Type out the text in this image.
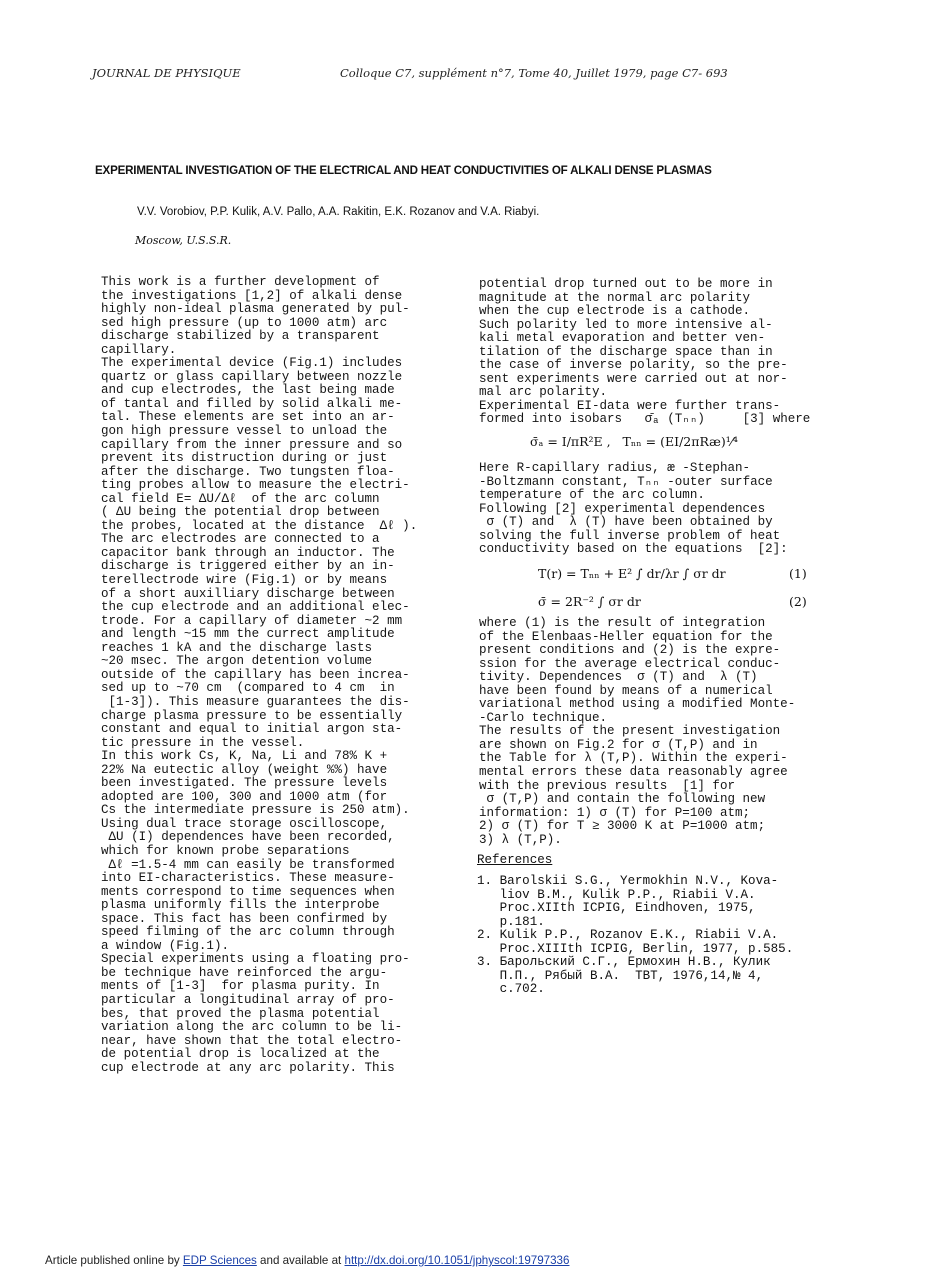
JOURNAL DE PHYSIQUE	Colloque C7, supplément n°7, Tome 40, Juillet 1979, page C7- 693
EXPERIMENTAL INVESTIGATION OF THE ELECTRICAL AND HEAT CONDUCTIVITIES OF ALKALI DENSE PLASMAS
V.V. Vorobiov, P.P. Kulik, A.V. Pallo, A.A. Rakitin, E.K. Rozanov and V.A. Riabyi.
Moscow, U.S.S.R.
This work is a further development of
the investigations [1,2] of alkali dense
highly non-ideal plasma generated by pul-
sed high pressure (up to 1000 atm) arc
discharge stabilized by a transparent
capillary.
The experimental device (Fig.1) includes
quartz or glass capillary between nozzle
and cup electrodes, the last being made
of tantal and filled by solid alkali me-
tal. These elements are set into an ar-
gon high pressure vessel to unload the
capillary from the inner pressure and so
prevent its distruction during or just
after the discharge. Two tungsten floa-
ting probes allow to measure the electri-
cal field E= ΔU/Δℓ  of the arc column
( ΔU being the potential drop between
the probes, located at the distance  Δℓ ).
The arc electrodes are connected to a
capacitor bank through an inductor. The
discharge is triggered either by an in-
terellectrode wire (Fig.1) or by means
of a short auxilliary discharge between
the cup electrode and an additional elec-
trode. For a capillary of diameter ~2 mm
and length ~15 mm the currect amplitude
reaches 1 kA and the discharge lasts
~20 msec. The argon detention volume
outside of the capillary has been increa-
sed up to ~70 cm  (compared to 4 cm  in
[1-3]). This measure guarantees the dis-
charge plasma pressure to be essentially
constant and equal to initial argon sta-
tic pressure in the vessel.
In this work Cs, K, Na, Li and 78% K +
22% Na eutectic alloy (weight %%) have
been investigated. The pressure levels
adopted are 100, 300 and 1000 atm (for
Cs the intermediate pressure is 250 atm).
Using dual trace storage oscilloscope,
ΔU (I) dependences have been recorded,
which for known probe separations
Δℓ =1.5-4 mm can easily be transformed
into EI-characteristics. These measure-
ments correspond to time sequences when
plasma uniformly fills the interprobe
space. This fact has been confirmed by
speed filming of the arc column through
a window (Fig.1).
Special experiments using a floating pro-
be technique have reinforced the argu-
ments of [1-3]  for plasma purity. In
particular a longitudinal array of pro-
bes, that proved the plasma potential
variation along the arc column to be li-
near, have shown that the total electro-
de potential drop is localized at the
cup electrode at any arc polarity. This
potential drop turned out to be more in
magnitude at the normal arc polarity
when the cup electrode is a cathode.
Such polarity led to more intensive al-
kali metal evaporation and better ven-
tilation of the discharge space than in
the case of inverse polarity, so the pre-
sent experiments were carried out at nor-
mal arc polarity.
Experimental EI-data were further trans-
formed into isobars   σ̄ₐ (Tₙₙ)     [3] where
σ̄ₐ = I/πR²E ,   Tₙₙ = (EI/2πRæ)¹⁄⁴
Here R-capillary radius, æ -Stephan-
-Boltzmann constant, Tₙₙ -outer surface
temperature of the arc column.
Following [2] experimental dependences
σ (T) and  λ (T) have been obtained by
solving the full inverse problem of heat
conductivity based on the equations  [2]:
T(r) = Tₙₙ + E² ∫ dr/λr ∫ σr dr	(1)
σ̄ = 2R⁻² ∫ σr dr	(2)
where (1) is the result of integration
of the Elenbaas-Heller equation for the
present conditions and (2) is the expre-
ssion for the average electrical conduc-
tivity. Dependences  σ (T) and  λ (T)
have been found by means of a numerical
variational method using a modified Monte-
-Carlo technique.
The results of the present investigation
are shown on Fig.2 for σ (T,P) and in
the Table for λ (T,P). Within the experi-
mental errors these data reasonably agree
with the previous results  [1] for
σ (T,P) and contain the following new
information: 1) σ (T) for P=100 atm;
2) σ (T) for T ≥ 3000 K at P=1000 atm;
3) λ (T,P).
References
1. Barolskii S.G., Yermokhin N.V., Kova-
liov B.M., Kulik P.P., Riabii V.A.
Proc.XIIth ICPIG, Eindhoven, 1975,
p.181.
2. Kulik P.P., Rozanov E.K., Riabii V.A.
Proc.XIIIth ICPIG, Berlin, 1977, p.585.
3. Барольский С.Г., Ермохин Н.В., Кулик
П.П., Рябый В.А.  ТВТ, 1976,14,№ 4,
с.702.
Article published online by EDP Sciences and available at http://dx.doi.org/10.1051/jphyscol:19797336
